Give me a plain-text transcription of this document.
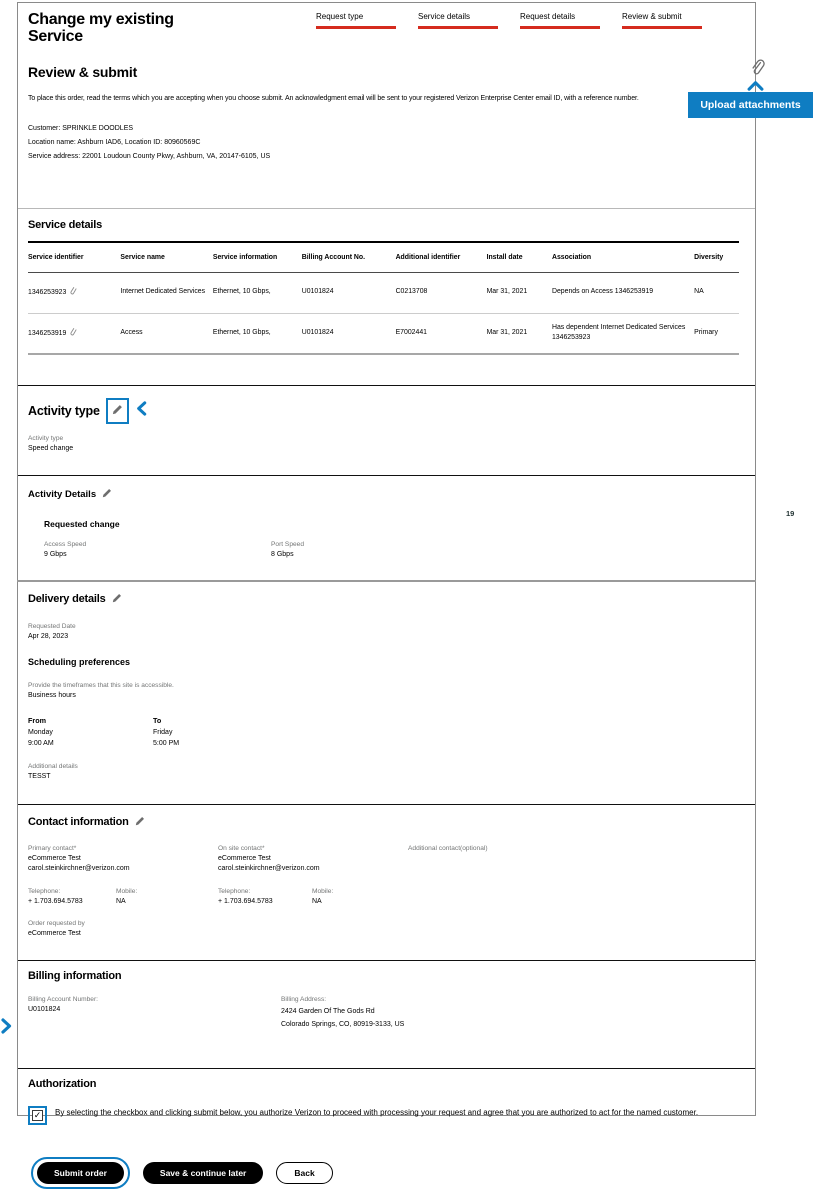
Change my existing Service
Request type	Service details	Request details	Review & submit
Review & submit

To place this order, read the terms which you are accepting when you choose submit. An acknowledgment email will be sent to your registered Verizon Enterprise Center email ID, with a reference number.

Customer: SPRINKLE DOODLES
Location name: Ashburn IAD6, Location ID: 80960569C
Service address: 22001 Loudoun County Pkwy, Ashburn, VA, 20147-6105, US
Service details
Service identifier	Service name	Service information	Billing Account No.	Additional identifier	Install date	Association	Diversity
1346253923	Internet Dedicated Services	Ethernet, 10 Gbps,	U0101824	C0213708	Mar 31, 2021	Depends on Access 1346253919	NA
1346253919	Access	Ethernet, 10 Gbps,	U0101824	E7002441	Mar 31, 2021	Has dependent Internet Dedicated Services 1346253923	Primary
Activity type
Activity type
Speed change
Activity Details
Requested change
Access Speed
9 Gbps
Port Speed
8 Gbps
Delivery details
Requested Date
Apr 28, 2023
Scheduling preferences
Provide the timeframes that this site is accessible.
Business hours
From
Monday
9:00 AM
To
Friday
5:00 PM
Additional details
TESST
Contact information
Primary contact*
eCommerce Test
carol.steinkirchner@verizon.com
On site contact*
eCommerce Test
carol.steinkirchner@verizon.com
Additional contact(optional)
Telephone:
+ 1.703.694.5783
Mobile:
NA
Telephone:
+ 1.703.694.5783
Mobile:
NA
Order requested by
eCommerce Test
Billing information
Billing Account Number:
U0101824
Billing Address:
2424 Garden Of The Gods Rd
Colorado Springs, CO, 80919-3133, US
Authorization
✓ By selecting the checkbox and clicking submit below, you authorize Verizon to proceed with processing your request and agree that you are authorized to act for the named customer.

Submit order	Save & continue later	Back
Upload attachments
19
